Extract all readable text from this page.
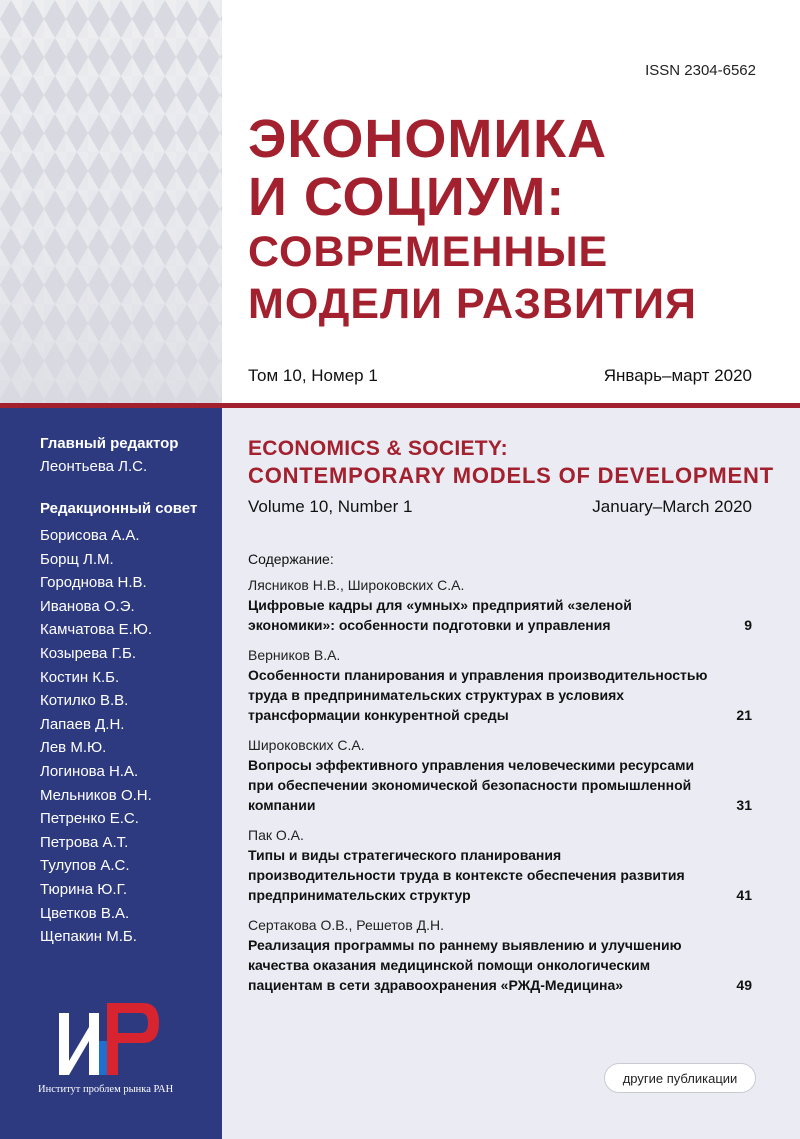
ISSN 2304-6562
ЭКОНОМИКА
И СОЦИУМ:
СОВРЕМЕННЫЕ
МОДЕЛИ РАЗВИТИЯ
Том 10, Номер 1	Январь–март 2020
Главный редактор
Леонтьева Л.С.
Редакционный совет
Борисова А.А.
Борщ Л.М.
Городнова Н.В.
Иванова О.Э.
Камчатова Е.Ю.
Козырева Г.Б.
Костин К.Б.
Котилко В.В.
Лапаев Д.Н.
Лев М.Ю.
Логинова Н.А.
Мельников О.Н.
Петренко Е.С.
Петрова А.Т.
Тулупов А.С.
Тюрина Ю.Г.
Цветков В.А.
Щепакин М.Б.
Институт проблем рынка РАН
ECONOMICS & SOCIETY:
CONTEMPORARY MODELS OF DEVELOPMENT
Volume 10, Number 1	January–March 2020
Содержание:
Лясников Н.В., Широковских С.А.
Цифровые кадры для «умных» предприятий «зеленой экономики»: особенности подготовки и управления	9
Верников В.А.
Особенности планирования и управления производительностью труда в предпринимательских структурах в условиях трансформации конкурентной среды	21
Широковских С.А.
Вопросы эффективного управления человеческими ресурсами при обеспечении экономической безопасности промышленной компании	31
Пак О.А.
Типы и виды стратегического планирования производительности труда в контексте обеспечения развития предпринимательских структур	41
Сертакова О.В., Решетов Д.Н.
Реализация программы по раннему выявлению и улучшению качества оказания медицинской помощи онкологическим пациентам в сети здравоохранения «РЖД-Медицина»	49
другие публикации
